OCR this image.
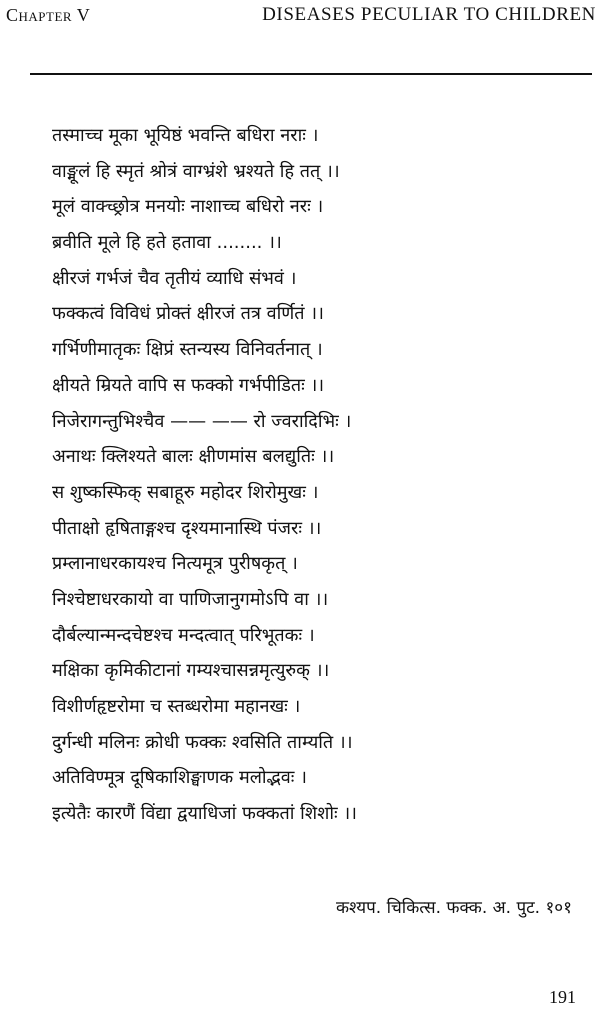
Chapter V	DISEASES PECULIAR TO CHILDREN
तस्माच्च मूका भूयिष्ठं भवन्ति बधिरा नराः ।
वाङ्मूलं हि स्मृतं श्रोत्रं वाग्भ्रंशे भ्रश्यते हि तत् ।।
मूलं वाक्च्छ्रोत्र मनयोः नाशाच्च बधिरो नरः ।
ब्रवीति मूले हि हते हतावा ........ ।।
क्षीरजं गर्भजं चैव तृतीयं व्याधि संभवं ।
फक्कत्वं विविधं प्रोक्तं क्षीरजं तत्र वर्णितं ।।
गर्भिणीमातृकः क्षिप्रं स्तन्यस्य विनिवर्तनात् ।
क्षीयते म्रियते वापि स फक्को गर्भपीडितः ।।
निजेरागन्तुभिश्चैव —— —— रो ज्वरादिभिः ।
अनाथः क्लिश्यते बालः क्षीणमांस बलद्युतिः ।।
स शुष्कस्फिक् सबाहूरु महोदर शिरोमुखः ।
पीताक्षो हृषिताङ्गश्च दृश्यमानास्थि पंजरः ।।
प्रम्लानाधरकायश्च नित्यमूत्र पुरीषकृत् ।
निश्चेष्टाधरकायो वा पाणिजानुगमोऽपि वा ।।
दौर्बल्यान्मन्दचेष्टश्च मन्दत्वात् परिभूतकः ।
मक्षिका कृमिकीटानां गम्यश्चासन्नमृत्युरुक् ।।
विशीर्णहृष्टरोमा च स्तब्धरोमा महानखः ।
दुर्गन्धी मलिनः क्रोधी फक्कः श्वसिति ताम्यति ।।
अतिविण्मूत्र दूषिकाशिङ्घाणक मलोद्भवः ।
इत्येतैः कारणैं विंद्या द्वयाधिजां फक्कतां शिशोः ।।
कश्यप. चिकित्स. फक्क. अ. पुट. १०१
191
